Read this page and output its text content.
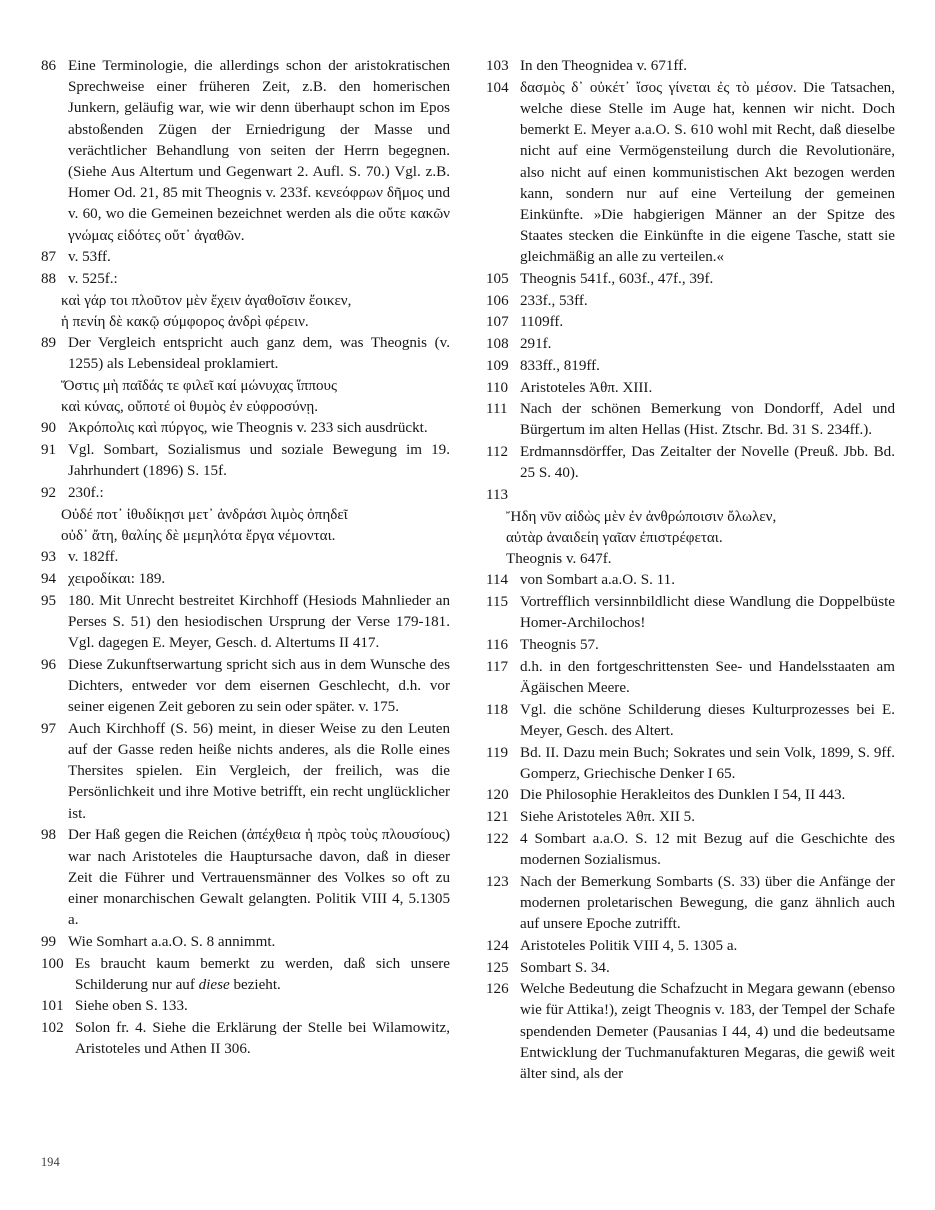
86 Eine Terminologie, die allerdings schon der aristokratischen Sprechweise einer früheren Zeit, z.B. den homerischen Junkern, geläufig war, wie wir denn überhaupt schon im Epos abstoßenden Zügen der Erniedrigung der Masse und verächtlicher Behandlung von seiten der Herrn begegnen. (Siehe Aus Altertum und Gegenwart 2. Aufl. S. 70.) Vgl. z.B. Homer Od. 21, 85 mit Theognis v. 233f. κενεόφρων δῆμος und v. 60, wo die Gemeinen bezeichnet werden als die οὔτε κακῶν γνώμας εἰδότες οὔτ᾽ ἀγαθῶν.
87 v. 53ff.
88 v. 525f.:
καὶ γάρ τοι πλοῦτον μὲν ἔχειν ἀγαθοῖσιν ἔοικεν,
ἡ πενίη δὲ κακῷ σύμφορος ἀνδρὶ φέρειν.
89 Der Vergleich entspricht auch ganz dem, was Theognis (v. 1255) als Lebensideal proklamiert.
Ὅστις μὴ παῖδάς τε φιλεῖ καί μώνυχας ἵππους
καὶ κύνας, οὔποτέ οἱ θυμὸς ἐν εὐφροσύνῃ.
90 Ἀκρόπολις καὶ πύργος, wie Theognis v. 233 sich ausdrückt.
91 Vgl. Sombart, Sozialismus und soziale Bewegung im 19. Jahrhundert (1896) S. 15f.
92 230f.:
Οὐδέ ποτ᾽ ἰθυδίκῃσι μετ᾽ ἀνδράσι λιμὸς ὀπηδεῖ
οὐδ᾽ ἄτη, θαλίης δὲ μεμηλότα ἔργα νέμονται.
93 v. 182ff.
94 χειροδίκαι: 189.
95 180. Mit Unrecht bestreitet Kirchhoff (Hesiods Mahnlieder an Perses S. 51) den hesiodischen Ursprung der Verse 179-181. Vgl. dagegen E. Meyer, Gesch. d. Altertums II 417.
96 Diese Zukunftserwartung spricht sich aus in dem Wunsche des Dichters, entweder vor dem eisernen Geschlecht, d.h. vor seiner eigenen Zeit geboren zu sein oder später. v. 175.
97 Auch Kirchhoff (S. 56) meint, in dieser Weise zu den Leuten auf der Gasse reden heiße nichts anderes, als die Rolle eines Thersites spielen. Ein Vergleich, der freilich, was die Persönlichkeit und ihre Motive betrifft, ein recht unglücklicher ist.
98 Der Haß gegen die Reichen (ἀπέχθεια ἡ πρὸς τοὺς πλουσίους) war nach Aristoteles die Hauptursache davon, daß in dieser Zeit die Führer und Vertrauensmänner des Volkes so oft zu einer monarchischen Gewalt gelangten. Politik VIII 4, 5.1305 a.
99 Wie Somhart a.a.O. S. 8 annimmt.
100 Es braucht kaum bemerkt zu werden, daß sich unsere Schilderung nur auf diese bezieht.
101 Siehe oben S. 133.
102 Solon fr. 4. Siehe die Erklärung der Stelle bei Wilamowitz, Aristoteles und Athen II 306.
103 In den Theognidea v. 671ff.
104 δασμὸς δ᾽ οὐκέτ᾽ ἴσος γίνεται ἐς τὸ μέσον. Die Tatsachen, welche diese Stelle im Auge hat, kennen wir nicht. Doch bemerkt E. Meyer a.a.O. S. 610 wohl mit Recht, daß dieselbe nicht auf eine Vermögensteilung durch die Revolutionäre, also nicht auf einen kommunistischen Akt bezogen werden kann, sondern nur auf eine Verteilung der gemeinen Einkünfte. »Die habgierigen Männer an der Spitze des Staates stecken die Einkünfte in die eigene Tasche, statt sie gleichmäßig an alle zu verteilen.«
105 Theognis 541f., 603f., 47f., 39f.
106 233f., 53ff.
107 1109ff.
108 291f.
109 833ff., 819ff.
110 Aristoteles Ἀθπ. XIII.
111 Nach der schönen Bemerkung von Dondorff, Adel und Bürgertum im alten Hellas (Hist. Ztschr. Bd. 31 S. 234ff.).
112 Erdmannsdörffer, Das Zeitalter der Novelle (Preuß. Jbb. Bd. 25 S. 40).
113
Ἤδη νῦν αἰδὼς μὲν ἐν ἀνθρώποισιν ὄλωλεν,
αὐτὰρ ἀναιδείη γαῖαν ἐπιστρέφεται.
Theognis v. 647f.
114 von Sombart a.a.O. S. 11.
115 Vortrefflich versinnbildlicht diese Wandlung die Doppelbüste Homer-Archilochos!
116 Theognis 57.
117 d.h. in den fortgeschrittensten See- und Handelsstaaten am Ägäischen Meere.
118 Vgl. die schöne Schilderung dieses Kulturprozesses bei E. Meyer, Gesch. des Altert.
119 Bd. II. Dazu mein Buch; Sokrates und sein Volk, 1899, S. 9ff. Gomperz, Griechische Denker I 65.
120 Die Philosophie Herakleitos des Dunklen I 54, II 443.
121 Siehe Aristoteles Ἀθπ. XII 5.
122 4 Sombart a.a.O. S. 12 mit Bezug auf die Geschichte des modernen Sozialismus.
123 Nach der Bemerkung Sombarts (S. 33) über die Anfänge der modernen proletarischen Bewegung, die ganz ähnlich auch auf unsere Epoche zutrifft.
124 Aristoteles Politik VIII 4, 5. 1305 a.
125 Sombart S. 34.
126 Welche Bedeutung die Schafzucht in Megara gewann (ebenso wie für Attika!), zeigt Theognis v. 183, der Tempel der Schafe spendenden Demeter (Pausanias I 44, 4) und die bedeutsame Entwicklung der Tuchmanufakturen Megaras, die gewiß weit älter sind, als der
194
